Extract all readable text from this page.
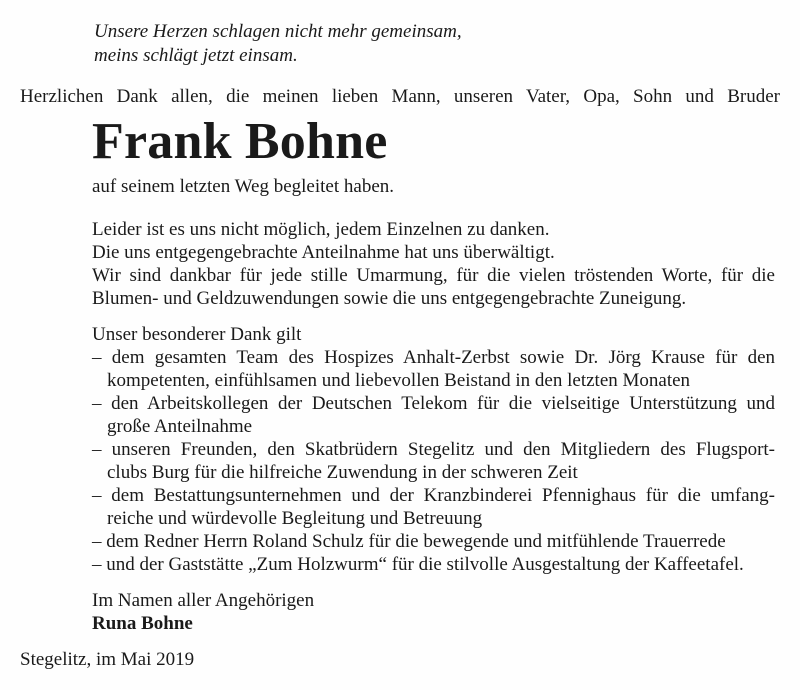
Unsere Herzen schlagen nicht mehr gemeinsam,
meins schlägt jetzt einsam.
Herzlichen Dank allen, die meinen lieben Mann, unseren Vater, Opa, Sohn und Bruder
Frank Bohne
auf seinem letzten Weg begleitet haben.
Leider ist es uns nicht möglich, jedem Einzelnen zu danken.
Die uns entgegengebrachte Anteilnahme hat uns überwältigt.
Wir sind dankbar für jede stille Umarmung, für die vielen tröstenden Worte, für die
Blumen- und Geldzuwendungen sowie die uns entgegengebrachte Zuneigung.
Unser besonderer Dank gilt
– dem gesamten Team des Hospizes Anhalt-Zerbst sowie Dr. Jörg Krause für den
kompetenten, einfühlsamen und liebevollen Beistand in den letzten Monaten
– den Arbeitskollegen der Deutschen Telekom für die vielseitige Unterstützung und
große Anteilnahme
– unseren Freunden, den Skatbrüdern Stegelitz und den Mitgliedern des Flugsport-
clubs Burg für die hilfreiche Zuwendung in der schweren Zeit
– dem Bestattungsunternehmen und der Kranzbinderei Pfennighaus für die umfang-
reiche und würdevolle Begleitung und Betreuung
– dem Redner Herrn Roland Schulz für die bewegende und mitfühlende Trauerrede
– und der Gaststätte „Zum Holzwurm“ für die stilvolle Ausgestaltung der Kaffeetafel.
Im Namen aller Angehörigen
Runa Bohne
Stegelitz, im Mai 2019
